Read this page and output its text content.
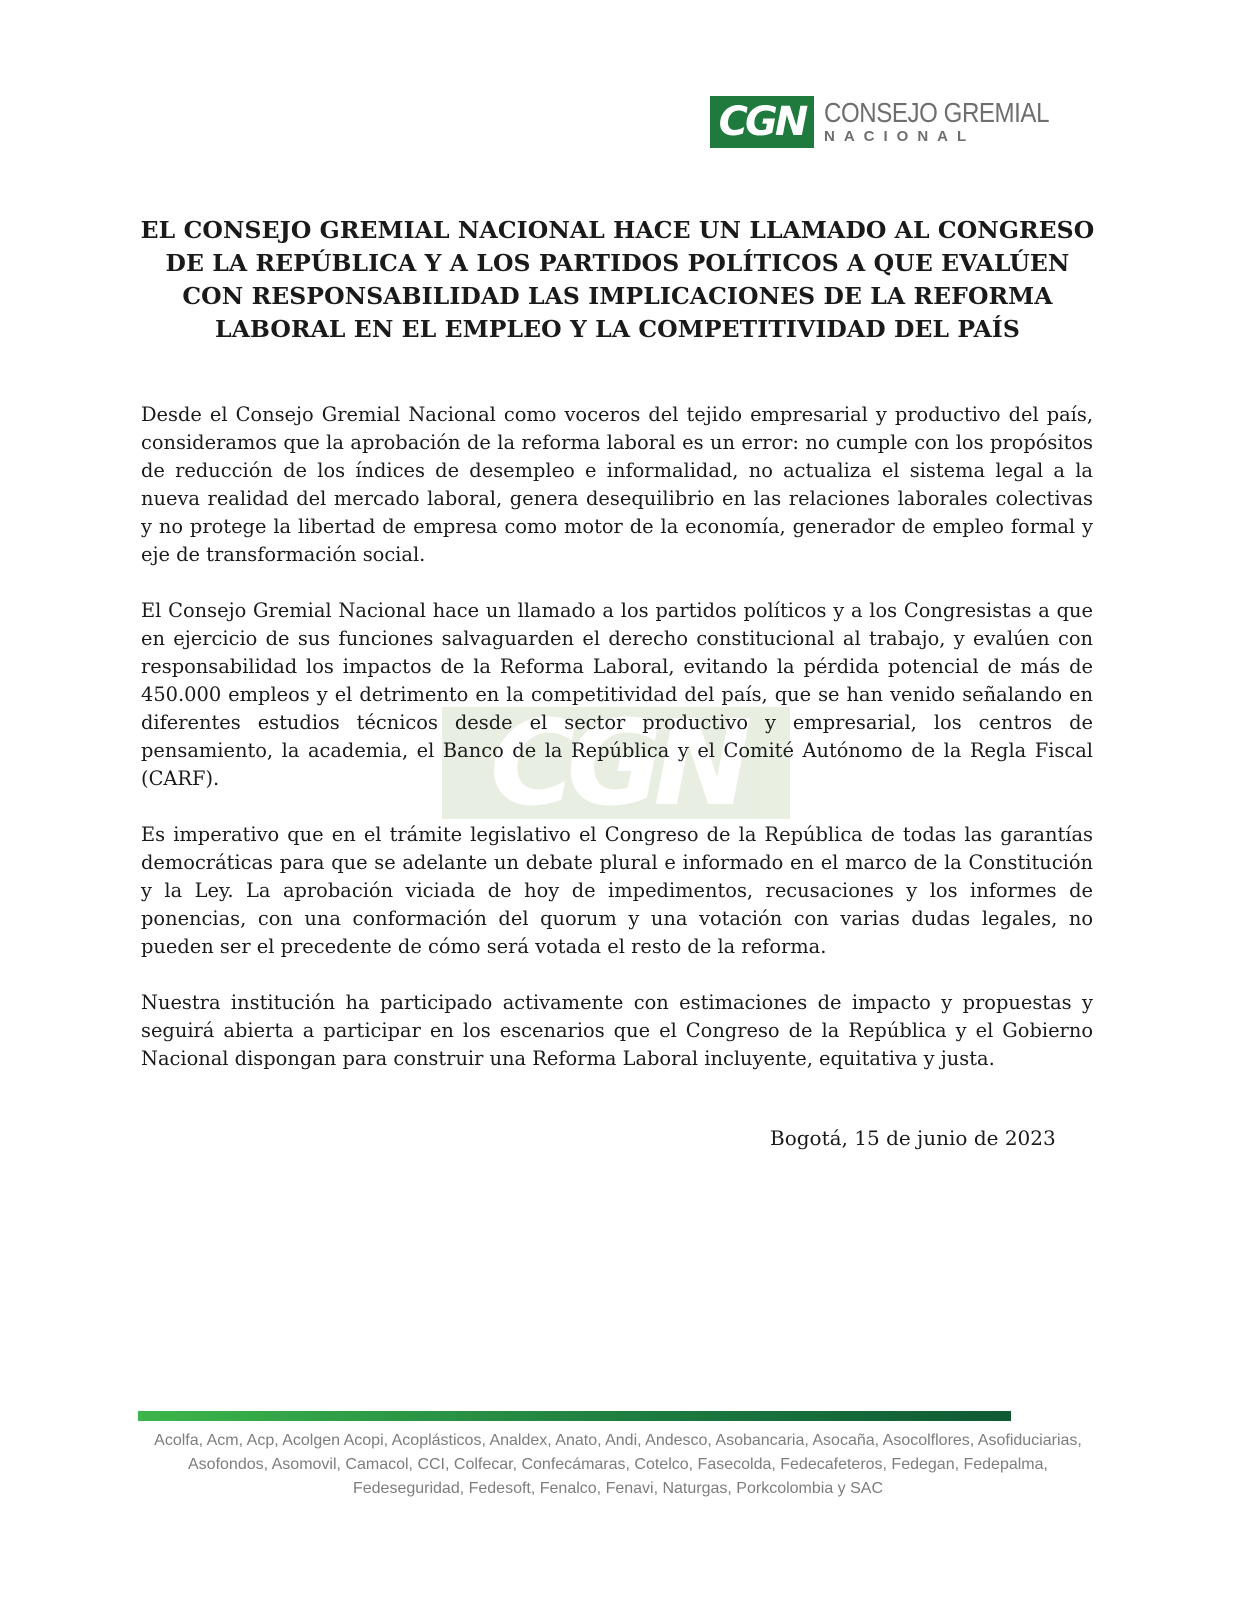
CGN CONSEJO GREMIAL
NACIONAL
EL CONSEJO GREMIAL NACIONAL HACE UN LLAMADO AL CONGRESO DE LA REPÚBLICA Y A LOS PARTIDOS POLÍTICOS A QUE EVALÚEN CON RESPONSABILIDAD LAS IMPLICACIONES DE LA REFORMA LABORAL EN EL EMPLEO Y LA COMPETITIVIDAD DEL PAÍS
CGN

Desde el Consejo Gremial Nacional como voceros del tejido empresarial y productivo del país, consideramos que la aprobación de la reforma laboral es un error: no cumple con los propósitos de reducción de los índices de desempleo e informalidad, no actualiza el sistema legal a la nueva realidad del mercado laboral, genera desequilibrio en las relaciones laborales colectivas y no protege la libertad de empresa como motor de la economía, generador de empleo formal y eje de transformación social.

El Consejo Gremial Nacional hace un llamado a los partidos políticos y a los Congresistas a que en ejercicio de sus funciones salvaguarden el derecho constitucional al trabajo, y evalúen con responsabilidad los impactos de la Reforma Laboral, evitando la pérdida potencial de más de 450.000 empleos y el detrimento en la competitividad del país, que se han venido señalando en diferentes estudios técnicos desde el sector productivo y empresarial, los centros de pensamiento, la academia, el Banco de la República y el Comité Autónomo de la Regla Fiscal (CARF).

Es imperativo que en el trámite legislativo el Congreso de la República de todas las garantías democráticas para que se adelante un debate plural e informado en el marco de la Constitución y la Ley. La aprobación viciada de hoy de impedimentos, recusaciones y los informes de ponencias, con una conformación del quorum y una votación con varias dudas legales, no pueden ser el precedente de cómo será votada el resto de la reforma.

Nuestra institución ha participado activamente con estimaciones de impacto y propuestas y seguirá abierta a participar en los escenarios que el Congreso de la República y el Gobierno Nacional dispongan para construir una Reforma Laboral incluyente, equitativa y justa.

Bogotá, 15 de junio de 2023

Acolfa, Acm, Acp, Acolgen Acopi, Acoplásticos, Analdex, Anato, Andi, Andesco, Asobancaria, Asocaña, Asocolflores, Asofiduciarias, Asofondos, Asomovil, Camacol, CCI, Colfecar, Confecámaras, Cotelco, Fasecolda, Fedecafeteros, Fedegan, Fedepalma, Fedeseguridad, Fedesoft, Fenalco, Fenavi, Naturgas, Porkcolombia y SAC
